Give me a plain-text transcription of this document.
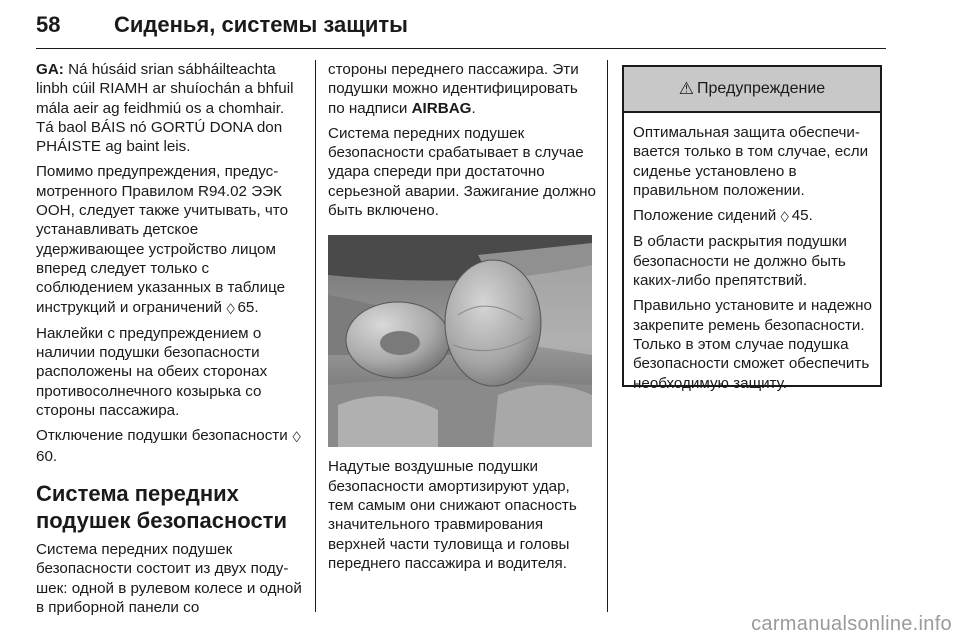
58 Сиденья, системы защиты

GA: Ná húsáid srian sábháilteachta linbh cúil RIAMH ar shuíochán a bhfuil mála aeir ag feidhmiú os a chomhair. Tá baol BÁIS nó GORTÚ DONA don PHÁISTE ag baint leis.

Помимо предупреждения, предусмотренного Правилом R94.02 ЭЭК ООН, следует также учитывать, что устанавливать детское удерживающее устройство лицом вперед следует только с соблюдением указанных в таблице инструкций и ограничений ◇ 65.

Наклейки с предупреждением о наличии подушки безопасности расположены на обеих сторонах противосолнечного козырька со стороны пассажира.

Отключение подушки безопасности ◇60.

Система передних подушек безопасности

Система передних подушек безопасности состоит из двух подушек: одной в рулевом колесе и одной в приборной панели со

стороны переднего пассажира. Эти подушки можно идентифицировать по надписи AIRBAG.

Система передних подушек безопасности срабатывает в случае удара спереди при достаточно серьезной аварии. Зажигание должно быть включено.

Надутые воздушные подушки безопасности амортизируют удар, тем самым они снижают опасность значительного травмирования верхней части туловища и головы переднего пассажира и водителя.

⚠ Предупреждение

Оптимальная защита обеспечивается только в том случае, если сиденье установлено в правильном положении.

Положение сидений ◇ 45.

В области раскрытия подушки безопасности не должно быть каких-либо препятствий.

Правильно установите и надежно закрепите ремень безопасности. Только в этом случае подушка безопасности сможет обеспечить необходимую защиту.

carmanualsonline.info
